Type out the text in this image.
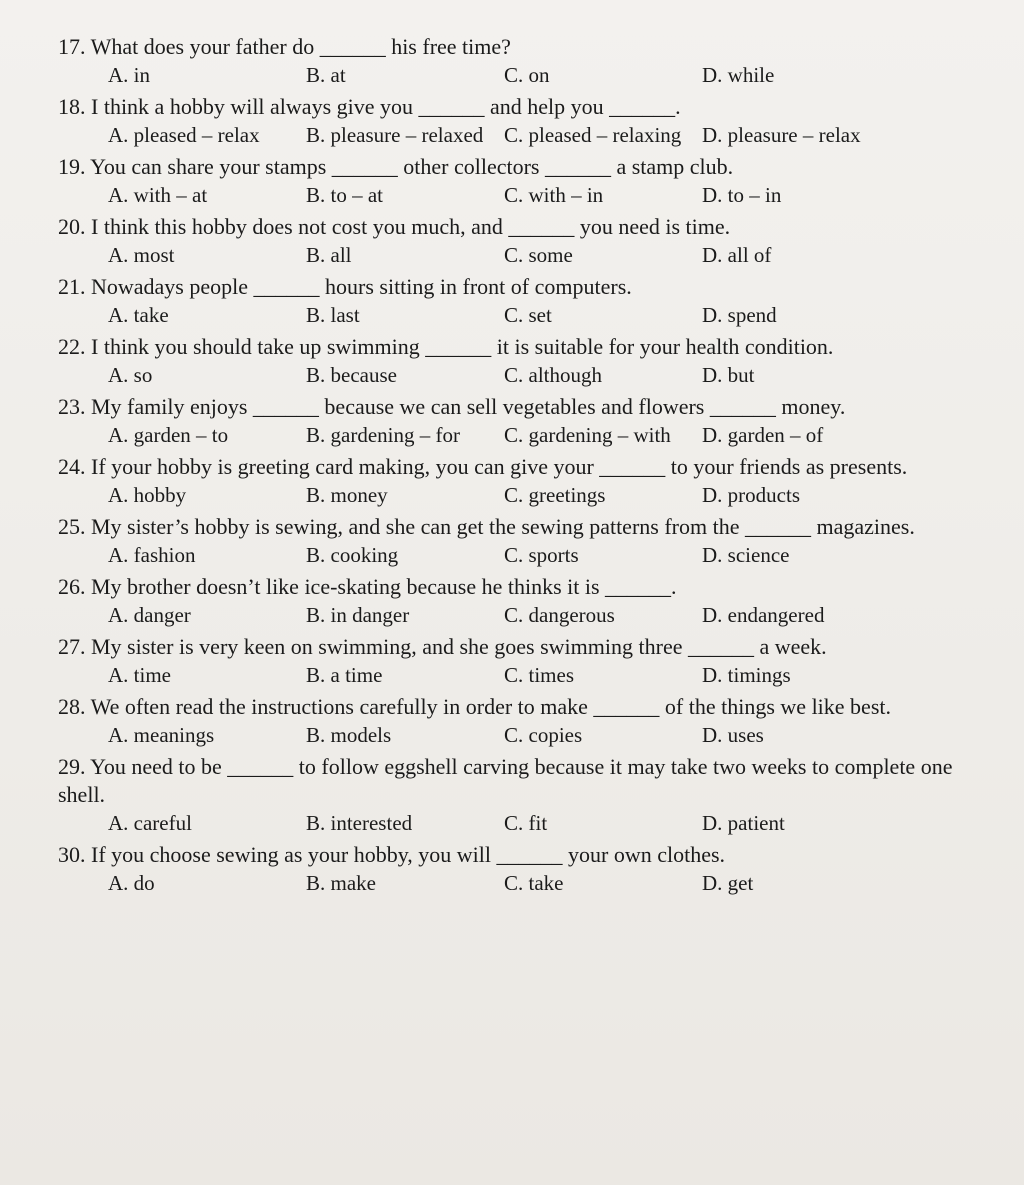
17. What does your father do ______ his free time?
A. in	B. at	C. on	D. while
18. I think a hobby will always give you ______ and help you ______.
A. pleased – relax	B. pleasure – relaxed C. pleased – relaxing D. pleasure – relax
19. You can share your stamps ______ other collectors ______ a stamp club.
A. with – at	B. to – at	C. with – in	D. to – in
20. I think this hobby does not cost you much, and ______ you need is time.
A. most	B. all	C. some	D. all of
21. Nowadays people ______ hours sitting in front of computers.
A. take	B. last	C. set	D. spend
22. I think you should take up swimming ______ it is suitable for your health condition.
A. so	B. because	C. although	D. but
23. My family enjoys ______ because we can sell vegetables and flowers ______ money.
A. garden – to	B. gardening – for	C. gardening – with	D. garden – of
24. If your hobby is greeting card making, you can give your ______ to your friends as presents.
A. hobby	B. money	C. greetings	D. products
25. My sister’s hobby is sewing, and she can get the sewing patterns from the ______ magazines.
A. fashion	B. cooking	C. sports	D. science
26. My brother doesn’t like ice-skating because he thinks it is ______.
A. danger	B. in danger	C. dangerous	D. endangered
27. My sister is very keen on swimming, and she goes swimming three ______ a week.
A. time	B. a time	C. times	D. timings
28. We often read the instructions carefully in order to make ______ of the things we like best.
A. meanings	B. models	C. copies	D. uses
29. You need to be ______ to follow eggshell carving because it may take two weeks to complete one shell.
A. careful	B. interested	C. fit	D. patient
30. If you choose sewing as your hobby, you will ______ your own clothes.
A. do	B. make	C. take	D. get
